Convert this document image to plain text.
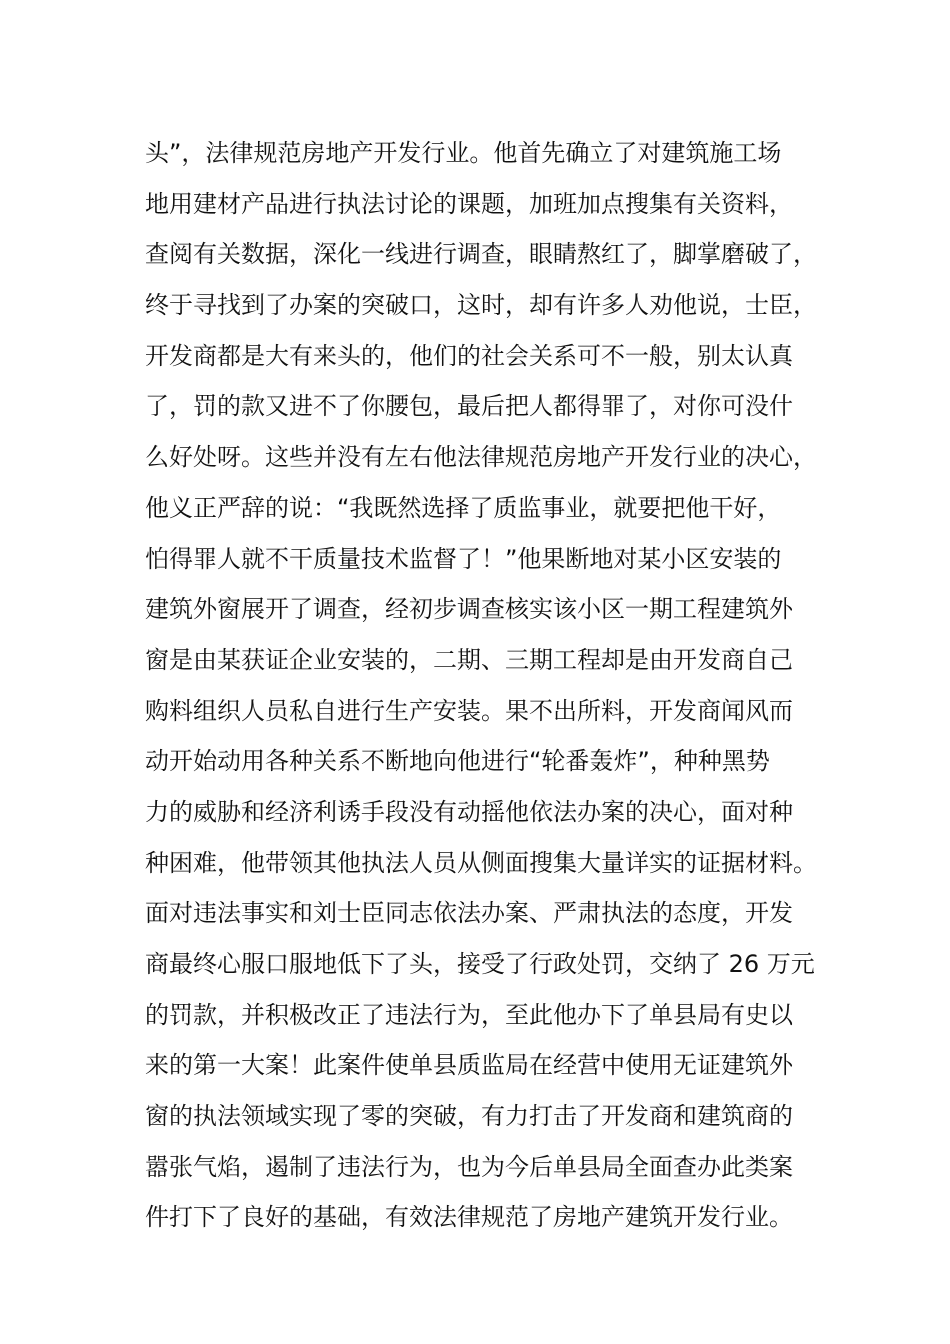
头”，法律规范房地产开发行业。他首先确立了对建筑施工场
地用建材产品进行执法讨论的课题，加班加点搜集有关资料，
查阅有关数据，深化一线进行调查，眼睛熬红了，脚掌磨破了，
终于寻找到了办案的突破口，这时，却有许多人劝他说，士臣，
开发商都是大有来头的，他们的社会关系可不一般，别太认真
了，罚的款又进不了你腰包，最后把人都得罪了，对你可没什
么好处呀。这些并没有左右他法律规范房地产开发行业的决心，
他义正严辞的说：“我既然选择了质监事业，就要把他干好，
怕得罪人就不干质量技术监督了！”他果断地对某小区安装的
建筑外窗展开了调查，经初步调查核实该小区一期工程建筑外
窗是由某获证企业安装的，二期、三期工程却是由开发商自己
购料组织人员私自进行生产安装。果不出所料，开发商闻风而
动开始动用各种关系不断地向他进行“轮番轰炸”，种种黑势
力的威胁和经济利诱手段没有动摇他依法办案的决心，面对种
种困难，他带领其他执法人员从侧面搜集大量详实的证据材料。
面对违法事实和刘士臣同志依法办案、严肃执法的态度，开发
商最终心服口服地低下了头，接受了行政处罚，交纳了 26 万元
的罚款，并积极改正了违法行为，至此他办下了单县局有史以
来的第一大案！此案件使单县质监局在经营中使用无证建筑外
窗的执法领域实现了零的突破，有力打击了开发商和建筑商的
嚣张气焰，遏制了违法行为，也为今后单县局全面查办此类案
件打下了良好的基础，有效法律规范了房地产建筑开发行业。
